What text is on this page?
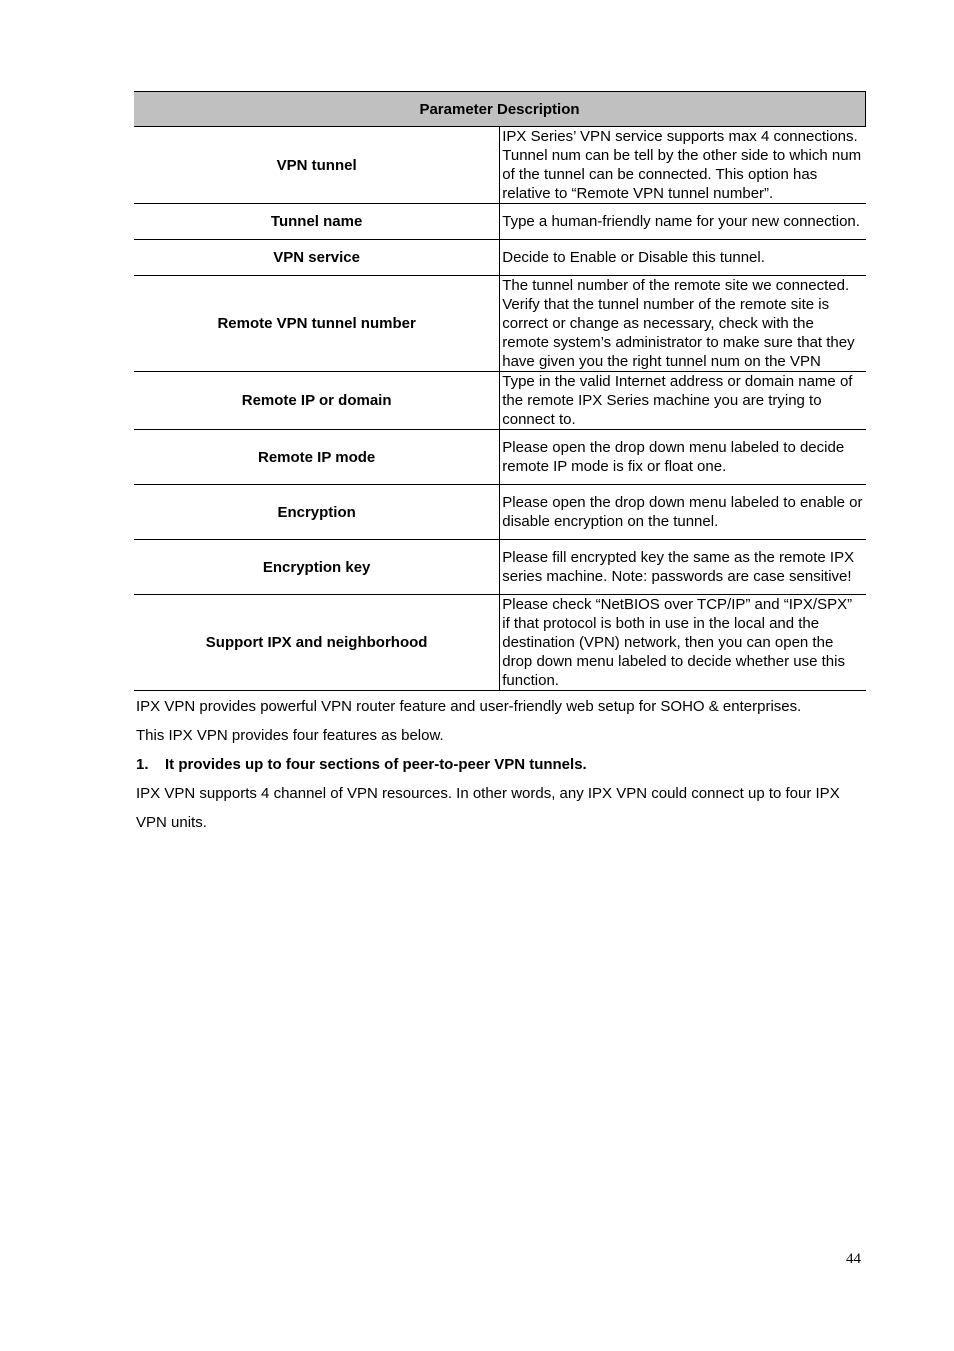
Parameter Description	
VPN tunnel	IPX Series’ VPN service supports max 4 connections. Tunnel num can be tell by the other side to which num of the tunnel can be connected. This option has relative to “Remote VPN tunnel number”.
Tunnel name	Type a human-friendly name for your new connection.
VPN service	Decide to Enable or Disable this tunnel.
Remote VPN tunnel number	The tunnel number of the remote site we connected. Verify that the tunnel number of the remote site is correct or change as necessary, check with the remote system’s administrator to make sure that they have given you the right tunnel num on the VPN
Remote IP or domain	Type in the valid Internet address or domain name of the remote IPX Series machine you are trying to connect to.
Remote IP mode	Please open the drop down menu labeled to decide remote IP mode is fix or float one.
Encryption	Please open the drop down menu labeled to enable or disable encryption on the tunnel.
Encryption key	Please fill encrypted key the same as the remote IPX series machine. Note: passwords are case sensitive!
Support IPX and neighborhood	Please check “NetBIOS over TCP/IP” and “IPX/SPX” if that protocol is both in use in the local and the destination (VPN) network, then you can open the drop down menu labeled to decide whether use this function.

IPX VPN provides powerful VPN router feature and user-friendly web setup for SOHO & enterprises.

This IPX VPN provides four features as below.

1. It provides up to four sections of peer-to-peer VPN tunnels.

IPX VPN supports 4 channel of VPN resources. In other words, any IPX VPN could connect up to four IPX VPN units.

44
